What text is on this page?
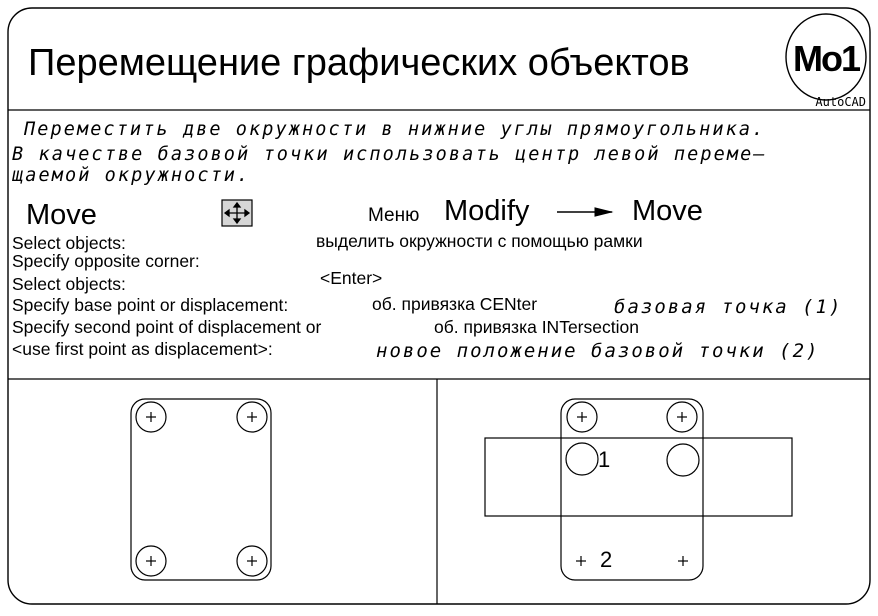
Перемещение графических объектов	Mo1
AutoCAD
Переместить две окружности в нижние углы прямоугольника.
В качестве базовой точки использовать центр левой переме–
щаемой окружности.
Move	Меню Modify	Move
Select objects:	выделить окружности с помощью рамки
Specify opposite corner:
Select objects:	<Enter>
Specify base point or displacement:	об. привязка CENter	базовая точка (1)
Specify second point of displacement or	об. привязка INTersection
<use first point as displacement>:	новое положение базовой точки (2)
1
2
